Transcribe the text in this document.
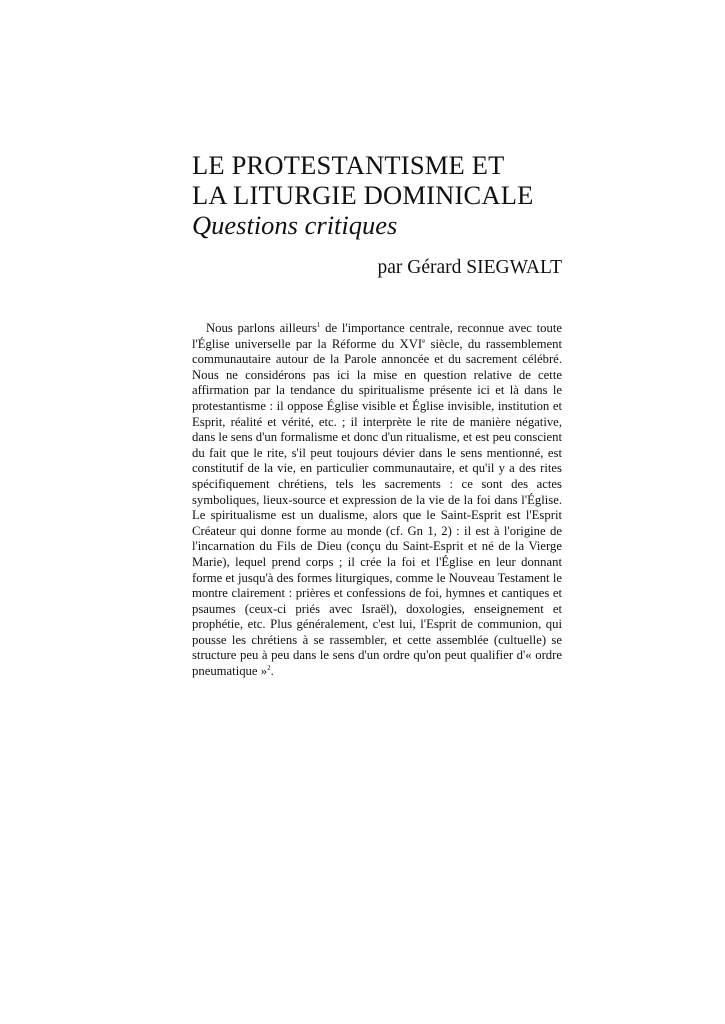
LE PROTESTANTISME ET
LA LITURGIE DOMINICALE
Questions critiques
par Gérard SIEGWALT

Nous parlons ailleurs$^1$ de l'importance centrale, reconnue avec toute l'Église universelle par la Réforme du XVIe siècle, du rassemblement communautaire autour de la Parole annoncée et du sacrement célébré. Nous ne considérons pas ici la mise en question relative de cette affirmation par la tendance du spiritualisme présente ici et là dans le protestantisme : il oppose Église visible et Église invisible, institution et Esprit, réalité et vérité, etc. ; il interprète le rite de manière négative, dans le sens d'un formalisme et donc d'un ritualisme, et est peu conscient du fait que le rite, s'il peut toujours dévier dans le sens mentionné, est constitutif de la vie, en particulier communautaire, et qu'il y a des rites spécifiquement chrétiens, tels les sacrements : ce sont des actes symboliques, lieux-source et expression de la vie de la foi dans l'Église. Le spiritualisme est un dualisme, alors que le Saint-Esprit est l'Esprit Créateur qui donne forme au monde (cf. Gn 1, 2) : il est à l'origine de l'incarnation du Fils de Dieu (conçu du Saint-Esprit et né de la Vierge Marie), lequel prend corps ; il crée la foi et l'Église en leur donnant forme et jusqu'à des formes liturgiques, comme le Nouveau Testament le montre clairement : prières et confessions de foi, hymnes et cantiques et psaumes (ceux-ci priés avec Israël), doxologies, enseignement et prophétie, etc. Plus généralement, c'est lui, l'Esprit de communion, qui pousse les chrétiens à se rassembler, et cette assemblée (cultuelle) se structure peu à peu dans le sens d'un ordre qu'on peut qualifier d'« ordre pneumatique »$^2$.
